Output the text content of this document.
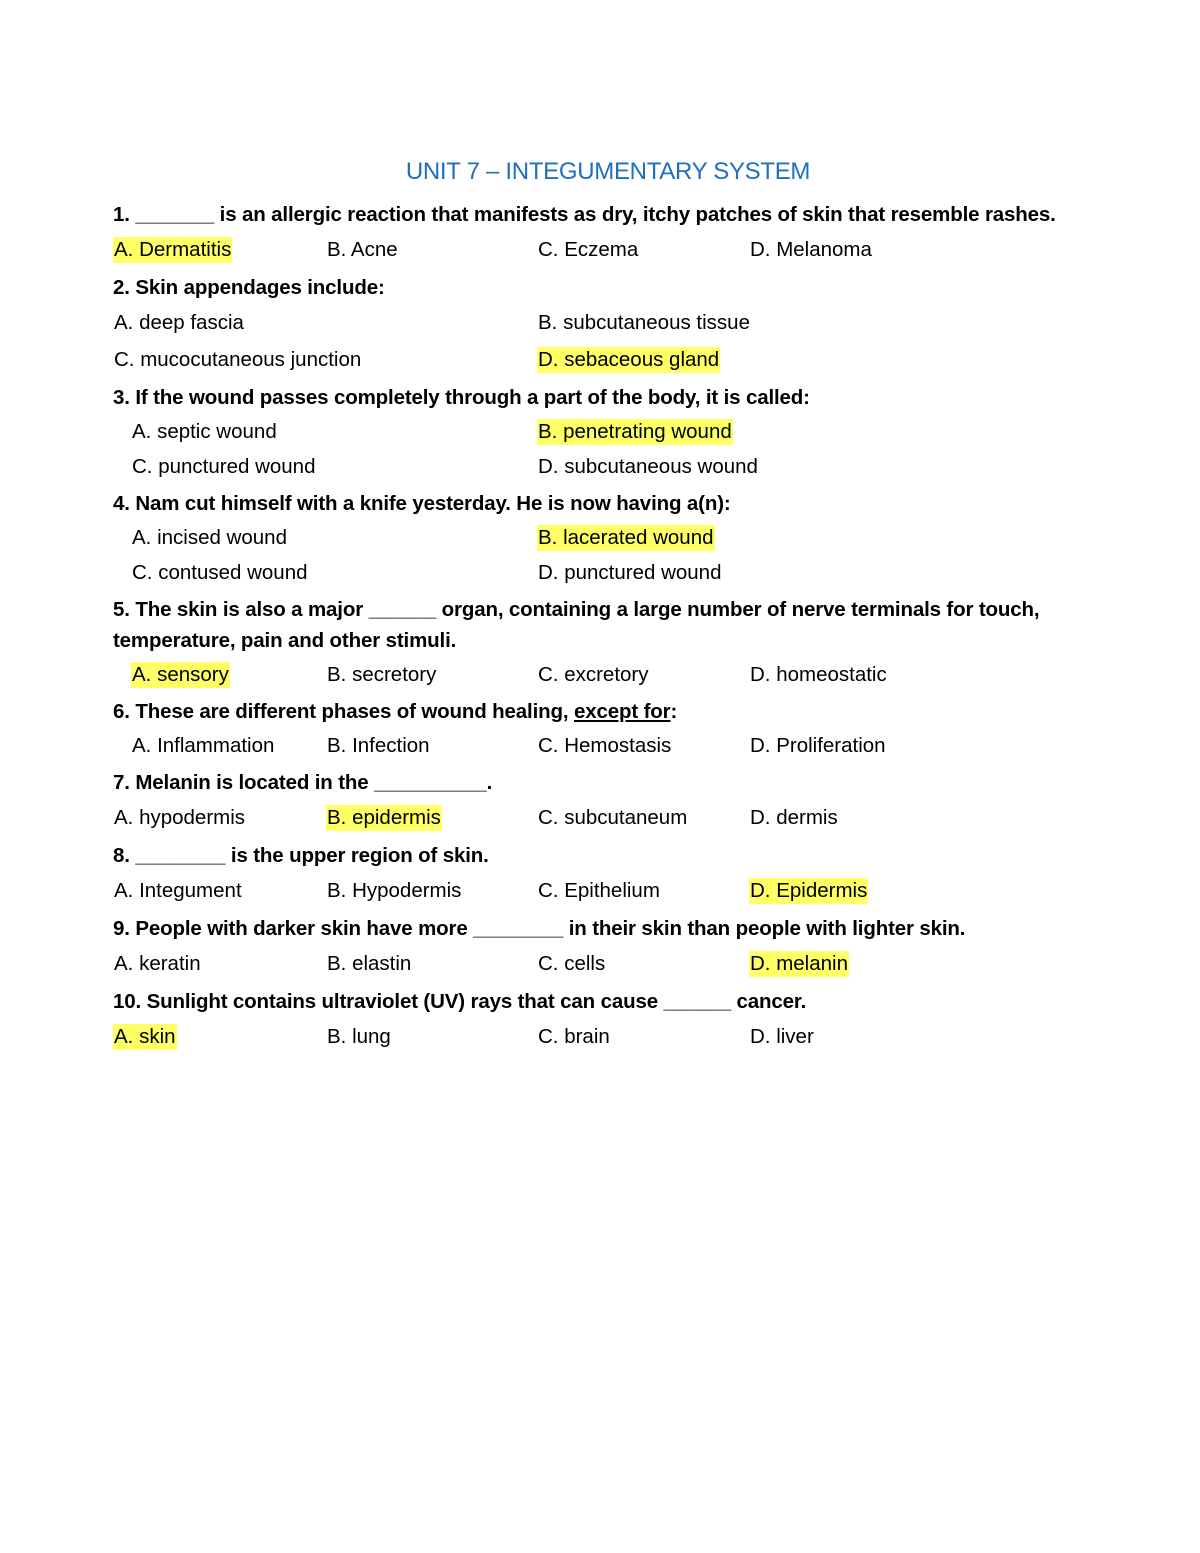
UNIT 7 – INTEGUMENTARY SYSTEM

1. _______ is an allergic reaction that manifests as dry, itchy patches of skin that resemble rashes.

A. Dermatitis	B. Acne	C. Eczema	D. Melanoma

2. Skin appendages include:

A. deep fascia	B. subcutaneous tissue
C. mucocutaneous junction	D. sebaceous gland

3. If the wound passes completely through a part of the body, it is called:

A. septic wound	B. penetrating wound
C. punctured wound	D. subcutaneous wound

4. Nam cut himself with a knife yesterday. He is now having a(n):

A. incised wound	B. lacerated wound
C. contused wound	D. punctured wound

5. The skin is also a major ______ organ, containing a large number of nerve terminals for touch, temperature, pain and other stimuli.

A. sensory	B. secretory	C. excretory	D. homeostatic

6. These are different phases of wound healing, except for:

A. Inflammation	B. Infection	C. Hemostasis	D. Proliferation

7. Melanin is located in the __________.

A. hypodermis	B. epidermis	C. subcutaneum	D. dermis

8. ________ is the upper region of skin.

A. Integument	B. Hypodermis	C. Epithelium	D. Epidermis

9. People with darker skin have more ________ in their skin than people with lighter skin.

A. keratin	B. elastin	C. cells	D. melanin

10. Sunlight contains ultraviolet (UV) rays that can cause ______ cancer.

A. skin	B. lung	C. brain	D. liver
